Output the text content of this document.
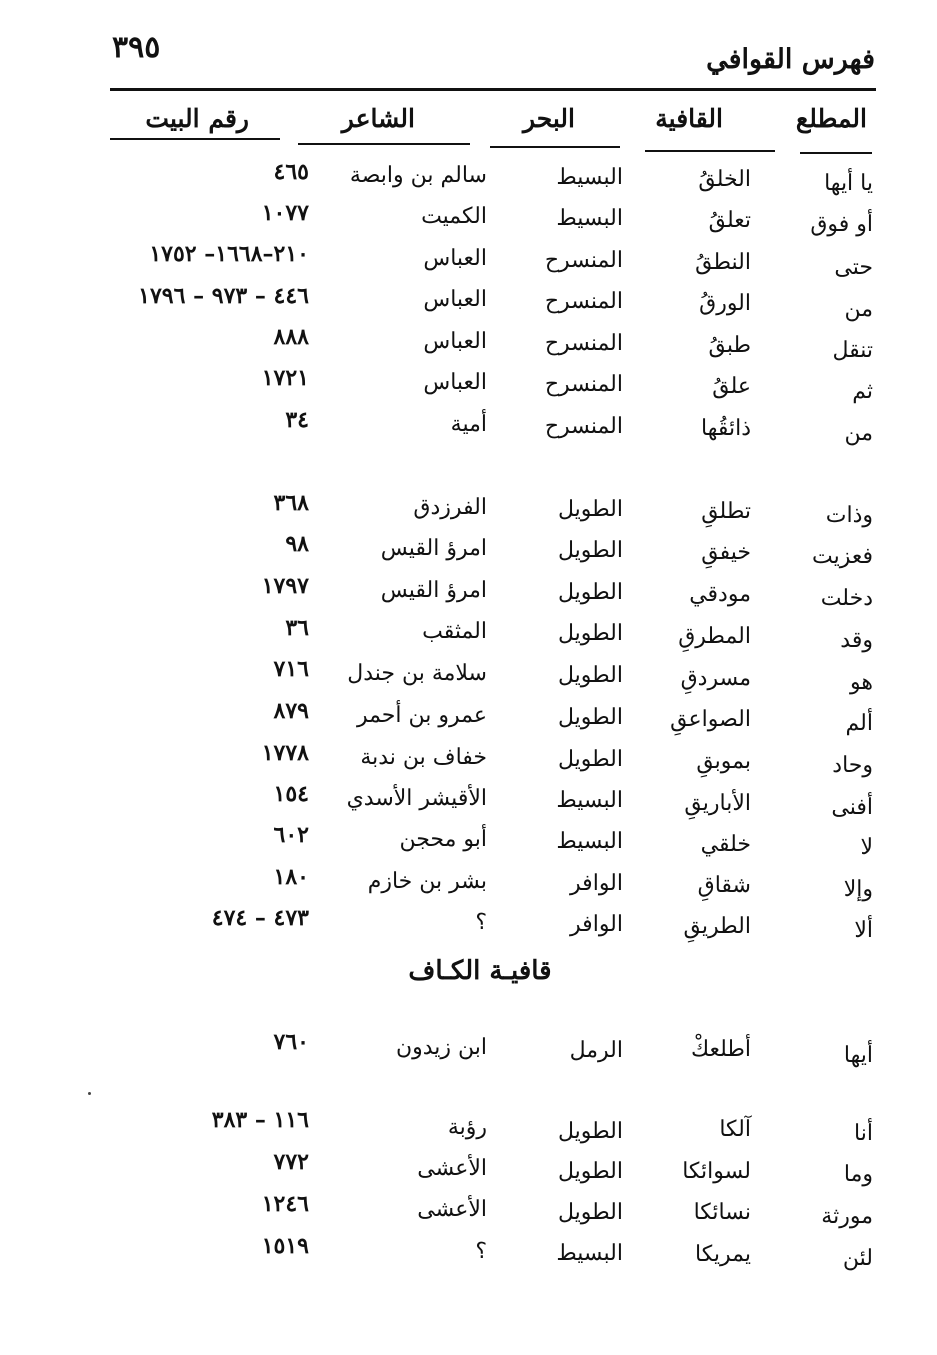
٣٩٥	فهرس القوافي
المطلع
القافية
البحر
الشاعر
رقم البيت
يا أيها
الخلقُ
البسيط
سالم بن وابصة
٤٦٥
أو فوق
تعلقُ
البسيط
الكميت
١٠٧٧
حتى
النطقُ
المنسرح
العباس
٢١٠–١٦٦٨– ١٧٥٢
من
الورقُ
المنسرح
العباس
٤٤٦ – ٩٧٣ – ١٧٩٦
تنقل
طبقُ
المنسرح
العباس
٨٨٨
ثم
علقُ
المنسرح
العباس
١٧٢١
من
ذائقُها
المنسرح
أمية
٣٤
وذات
تطلقِ
الطويل
الفرزدق
٣٦٨
فعزيت
خيفقِ
الطويل
امرؤ القيس
٩٨
دخلت
مودقي
الطويل
امرؤ القيس
١٧٩٧
وقد
المطرقِ
الطويل
المثقب
٣٦
هو
مسردقِ
الطويل
سلامة بن جندل
٧١٦
ألم
الصواعقِ
الطويل
عمرو بن أحمر
٨٧٩
وحاد
بموبقِ
الطويل
خفاف بن ندبة
١٧٧٨
أفنى
الأباريقِ
البسيط
الأقيشر الأسدي
١٥٤
لا
خلقي
البسيط
أبو محجن
٦٠٢
وإلا
شقاقِ
الوافر
بشر بن خازم
١٨٠
ألا
الطريقِ
الوافر
؟
٤٧٣ – ٤٧٤
قافيـة الكـاف
أيها
أطلعكْ
الرمل
ابن زيدون
٧٦٠
أنا
آلكا
الطويل
رؤبة
١١٦ – ٣٨٣
وما
لسوائكا
الطويل
الأعشى
٧٧٢
مورثة
نسائكا
الطويل
الأعشى
١٢٤٦
لئن
يمريكا
البسيط
؟
١٥١٩
